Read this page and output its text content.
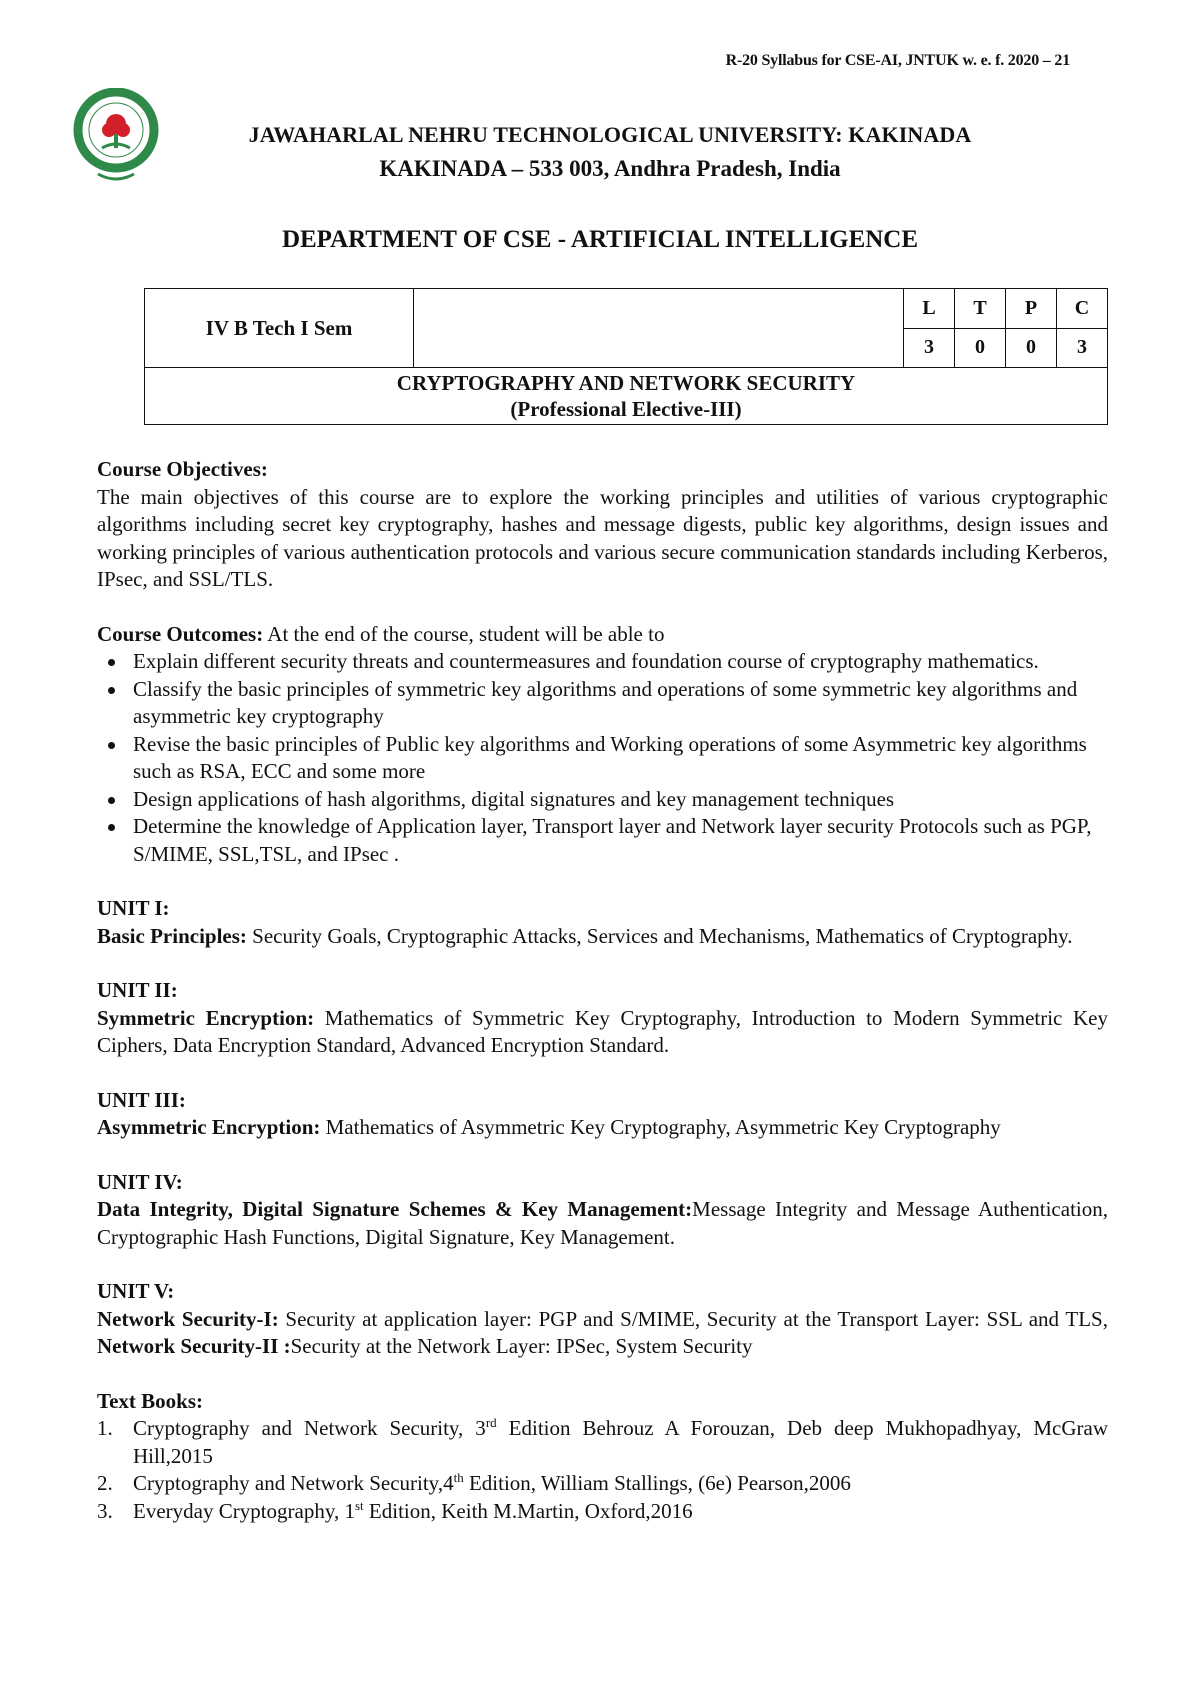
R-20 Syllabus for CSE-AI, JNTUK w. e. f. 2020 – 21
JAWAHARLAL NEHRU TECHNOLOGICAL UNIVERSITY: KAKINADA
KAKINADA – 533 003, Andhra Pradesh, India
DEPARTMENT OF CSE - ARTIFICIAL INTELLIGENCE
IV B Tech I Sem		L	T	P	C
		3	0	0	3

CRYPTOGRAPHY AND NETWORK SECURITY
(Professional Elective-III)					
Course Objectives:
The main objectives of this course are to explore the working principles and utilities of various cryptographic algorithms including secret key cryptography, hashes and message digests, public key algorithms, design issues and working principles of various authentication protocols and various secure communication standards including Kerberos, IPsec, and SSL/TLS.
Course Outcomes: At the end of the course, student will be able to
Explain different security threats and countermeasures and foundation course of cryptography mathematics.
Classify the basic principles of symmetric key algorithms and operations of some symmetric key algorithms and asymmetric key cryptography
Revise the basic principles of Public key algorithms and Working operations of some Asymmetric key algorithms such as RSA, ECC and some more
Design applications of hash algorithms, digital signatures and key management techniques
Determine the knowledge of Application layer, Transport layer and Network layer security Protocols such as PGP, S/MIME, SSL,TSL, and IPsec .
UNIT I:
Basic Principles: Security Goals, Cryptographic Attacks, Services and Mechanisms, Mathematics of Cryptography.
UNIT II:
Symmetric Encryption: Mathematics of Symmetric Key Cryptography, Introduction to Modern Symmetric Key Ciphers, Data Encryption Standard, Advanced Encryption Standard.
UNIT III:
Asymmetric Encryption: Mathematics of Asymmetric Key Cryptography, Asymmetric Key Cryptography
UNIT IV:
Data Integrity, Digital Signature Schemes & Key Management:Message Integrity and Message Authentication, Cryptographic Hash Functions, Digital Signature, Key Management.
UNIT V:
Network Security-I: Security at application layer: PGP and S/MIME, Security at the Transport Layer: SSL and TLS, Network Security-II :Security at the Network Layer: IPSec, System Security
Text Books:
1. Cryptography and Network Security, 3rd Edition Behrouz A Forouzan, Deb deep Mukhopadhyay, McGraw Hill,2015
2. Cryptography and Network Security,4th Edition, William Stallings, (6e) Pearson,2006
3. Everyday Cryptography, 1st Edition, Keith M.Martin, Oxford,2016
